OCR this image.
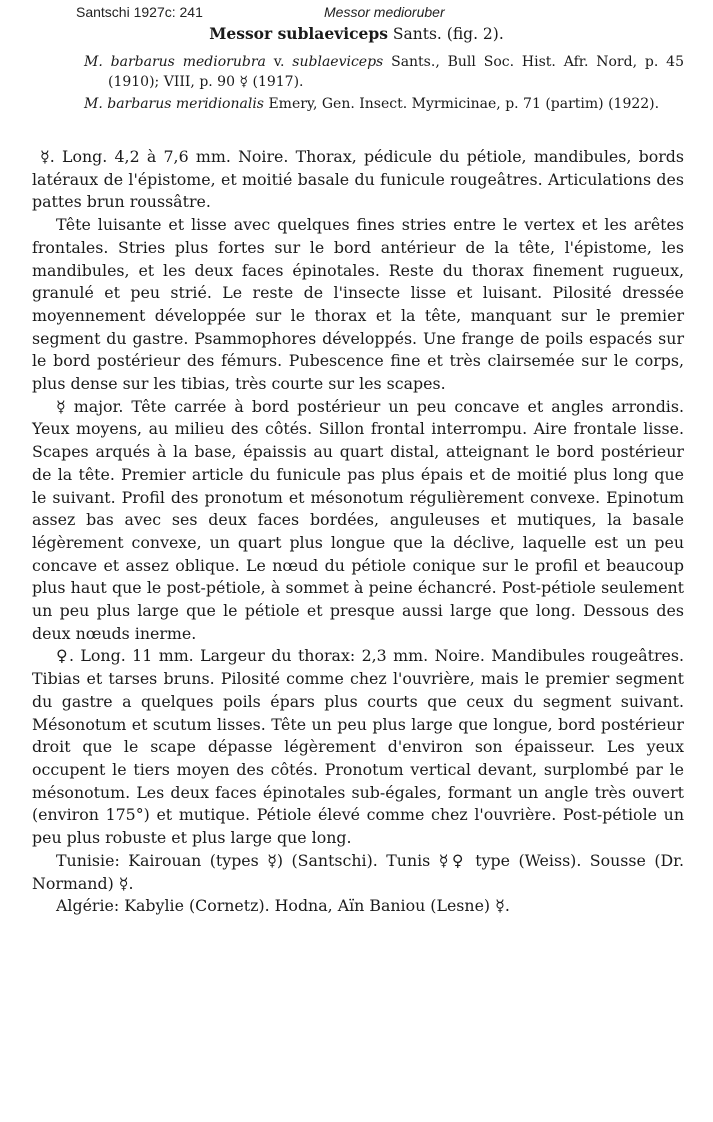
Santschi 1927c: 241	Messor medioruber
Messor sublaeviceps Sants. (fig. 2).

M. barbarus mediorubra v. sublaeviceps Sants., Bull Soc. Hist. Afr. Nord, p. 45 (1910); VIII, p. 90 ☿ (1917).

M. barbarus meridionalis Emery, Gen. Insect. Myrmicinae, p. 71 (partim) (1922).

☿. Long. 4,2 à 7,6 mm. Noire. Thorax, pédicule du pétiole, mandibules, bords latéraux de l'épistome, et moitié basale du funicule rougeâtres. Articulations des pattes brun roussâtre.

Tête luisante et lisse avec quelques fines stries entre le vertex et les arêtes frontales. Stries plus fortes sur le bord antérieur de la tête, l'épistome, les mandibules, et les deux faces épinotales. Reste du thorax finement rugueux, granulé et peu strié. Le reste de l'insecte lisse et luisant. Pilosité dressée moyennement développée sur le thorax et la tête, manquant sur le premier segment du gastre. Psammophores développés. Une frange de poils espacés sur le bord postérieur des fémurs. Pubescence fine et très clairsemée sur le corps, plus dense sur les tibias, très courte sur les scapes.

☿ major. Tête carrée à bord postérieur un peu concave et angles arrondis. Yeux moyens, au milieu des côtés. Sillon frontal interrompu. Aire frontale lisse. Scapes arqués à la base, épaissis au quart distal, atteignant le bord postérieur de la tête. Premier article du funicule pas plus épais et de moitié plus long que le suivant. Profil des pronotum et mésonotum régulièrement convexe. Epinotum assez bas avec ses deux faces bordées, anguleuses et mutiques, la basale légèrement convexe, un quart plus longue que la déclive, laquelle est un peu concave et assez oblique. Le nœud du pétiole conique sur le profil et beaucoup plus haut que le post-pétiole, à sommet à peine échancré. Post-pétiole seulement un peu plus large que le pétiole et presque aussi large que long. Dessous des deux nœuds inerme.

♀. Long. 11 mm. Largeur du thorax: 2,3 mm. Noire. Mandibules rougeâtres. Tibias et tarses bruns. Pilosité comme chez l'ouvrière, mais le premier segment du gastre a quelques poils épars plus courts que ceux du segment suivant. Mésonotum et scutum lisses. Tête un peu plus large que longue, bord postérieur droit que le scape dépasse légèrement d'environ son épaisseur. Les yeux occupent le tiers moyen des côtés. Pronotum vertical devant, surplombé par le mésonotum. Les deux faces épinotales sub-égales, formant un angle très ouvert (environ 175°) et mutique. Pétiole élevé comme chez l'ouvrière. Post-pétiole un peu plus robuste et plus large que long.

Tunisie: Kairouan (types ☿) (Santschi). Tunis ☿♀ type (Weiss). Sousse (Dr. Normand) ☿.

Algérie: Kabylie (Cornetz). Hodna, Aïn Baniou (Lesne) ☿.
